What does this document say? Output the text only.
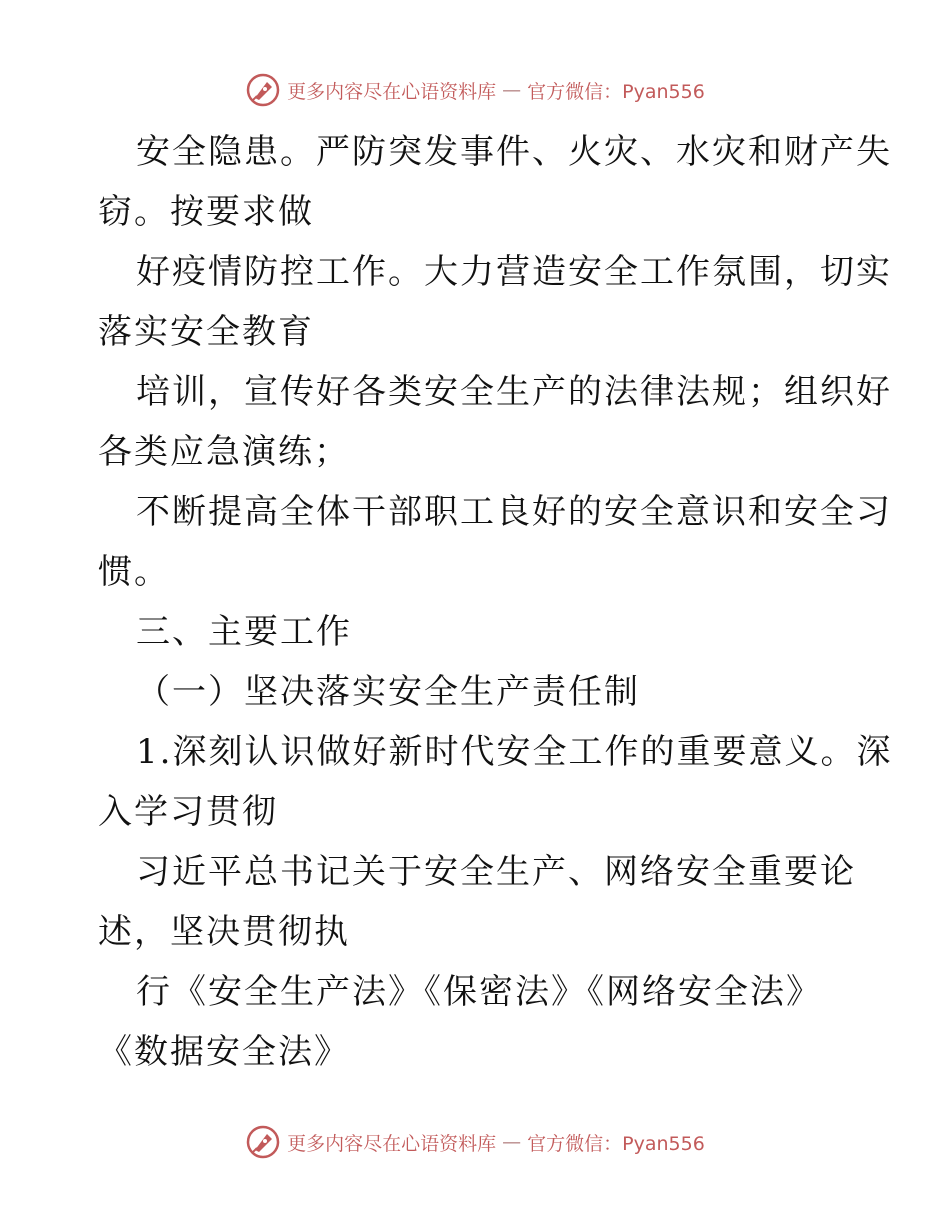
更多内容尽在心语资料库 — 官方微信：Pyan556
安全隐患。严防突发事件、火灾、水灾和财产失
窃。按要求做
好疫情防控工作。大力营造安全工作氛围，切实
落实安全教育
培训，宣传好各类安全生产的法律法规；组织好
各类应急演练；
不断提高全体干部职工良好的安全意识和安全习
惯。
三、主要工作
（一）坚决落实安全生产责任制
1.深刻认识做好新时代安全工作的重要意义。深
入学习贯彻
习近平总书记关于安全生产、网络安全重要论
述，坚决贯彻执
行《安全生产法》《保密法》《网络安全法》
《数据安全法》
更多内容尽在心语资料库 — 官方微信：Pyan556
